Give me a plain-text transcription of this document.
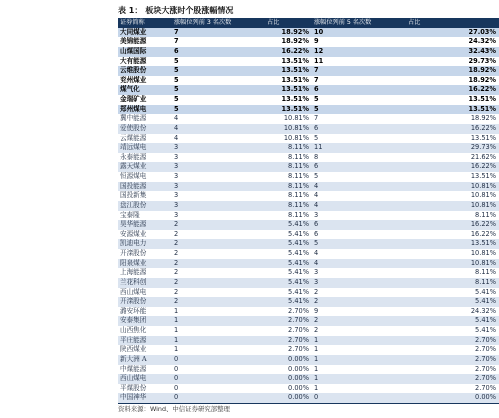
表 1： 板块大涨时个股涨幅情况
证券简称	涨幅位列前 3 名次数	占比	涨幅位列前 5 名次数	占比
大同煤业	7	18.92%	10	27.03%
美锦能源	7	18.92%	9	24.32%
山煤国际	6	16.22%	12	32.43%
大有能源	5	13.51%	11	29.73%
云维股份	5	13.51%	7	18.92%
兖州煤业	5	13.51%	7	18.92%
煤气化	5	13.51%	6	16.22%
金瑞矿业	5	13.51%	5	13.51%
郑州煤电	5	13.51%	5	13.51%
冀中能源	4	10.81%	7	18.92%
爱使股份	4	10.81%	6	16.22%
云煤能源	4	10.81%	5	13.51%
靖远煤电	3	8.11%	11	29.73%
永泰能源	3	8.11%	8	21.62%
露天煤业	3	8.11%	6	16.22%
恒源煤电	3	8.11%	5	13.51%
国投能源	3	8.11%	4	10.81%
国投新集	3	8.11%	4	10.81%
盘江股份	3	8.11%	4	10.81%
宝泰隆	3	8.11%	3	8.11%
昊华能源	2	5.41%	6	16.22%
安源煤业	2	5.41%	6	16.22%
凯迪电力	2	5.41%	5	13.51%
开滦股份	2	5.41%	4	10.81%
阳泉煤业	2	5.41%	4	10.81%
上海能源	2	5.41%	3	8.11%
兰花科创	2	5.41%	3	8.11%
西山煤电	2	5.41%	2	5.41%
开滦股份	2	5.41%	2	5.41%
潞安环能	1	2.70%	9	24.32%
安泰集团	1	2.70%	2	5.41%
山西焦化	1	2.70%	2	5.41%
平庄能源	1	2.70%	1	2.70%
陕西煤业	1	2.70%	1	2.70%
新大洲 A	0	0.00%	1	2.70%
中煤能源	0	0.00%	1	2.70%
西山煤电	0	0.00%	1	2.70%
平煤股份	0	0.00%	1	2.70%
中国神华	0	0.00%	0	0.00%
资料来源：Wind、中信证券研究部整理
